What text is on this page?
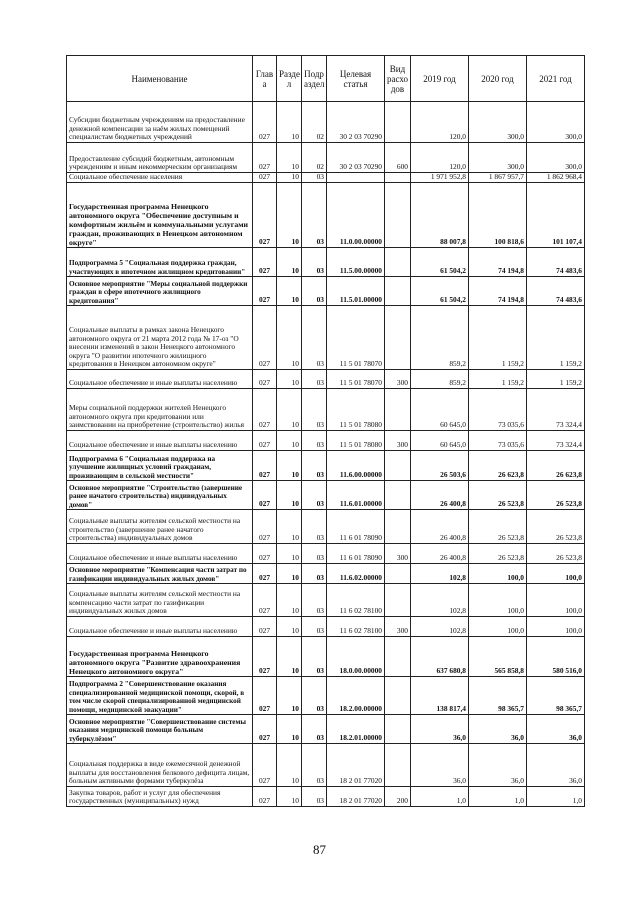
Наименование	Глав а	Разде л	Подр аздел	Целевая статья	Вид расхо дов	2019 год	2020 год	2021 год
Субсидии бюджетным учреждениям на предоставление денежной компенсации за наём жилых помещений специалистам бюджетных учреждений	027	10	02	30 2 03 70290		120,0	300,0	300,0
Предоставление субсидий бюджетным, автономным учреждениям и иным некоммерческим организациям	027	10	02	30 2 03 70290	600	120,0	300,0	300,0
Социальное обеспечение населения	027	10	03			1 971 952,8	1 867 957,7	1 862 968,4
Государственная программа Ненецкого автономного округа "Обеспечение доступным и комфортным жильём и коммунальными услугами граждан, проживающих в Ненецком автономном округе"	027	10	03	11.0.00.00000		88 007,8	100 818,6	101 107,4
Подпрограмма 5 "Социальная поддержка граждан, участвующих в ипотечном жилищном кредитовании"	027	10	03	11.5.00.00000		61 504,2	74 194,8	74 483,6
Основное мероприятие "Меры социальной поддержки граждан в сфере ипотечного жилищного кредитования"	027	10	03	11.5.01.00000		61 504,2	74 194,8	74 483,6
Социальные выплаты в рамках закона Ненецкого автономного округа от 21 марта 2012 года № 17-оз "О внесении изменений в закон Ненецкого автономного округа "О развитии ипотечного жилищного кредитования в Ненецком автономном округе"	027	10	03	11 5 01 78070		859,2	1 159,2	1 159,2
Социальное обеспечение и иные выплаты населению	027	10	03	11 5 01 78070	300	859,2	1 159,2	1 159,2
Меры социальной поддержки жителей Ненецкого автономного округа при кредитовании или заимствовании на приобретение (строительство) жилья	027	10	03	11 5 01 78080		60 645,0	73 035,6	73 324,4
Социальное обеспечение и иные выплаты населению	027	10	03	11 5 01 78080	300	60 645,0	73 035,6	73 324,4
Подпрограмма 6 "Социальная поддержка на улучшение жилищных условий гражданам, проживающим в сельской местности"	027	10	03	11.6.00.00000		26 503,6	26 623,8	26 623,8
Основное мероприятие "Строительство (завершение ранее начатого строительства) индивидуальных домов"	027	10	03	11.6.01.00000		26 400,8	26 523,8	26 523,8
Социальные выплаты жителям сельской местности на строительство (завершение ранее начатого строительства) индивидуальных домов	027	10	03	11 6 01 78090		26 400,8	26 523,8	26 523,8
Социальное обеспечение и иные выплаты населению	027	10	03	11 6 01 78090	300	26 400,8	26 523,8	26 523,8
Основное мероприятие "Компенсация части затрат по газификации индивидуальных жилых домов"	027	10	03	11.6.02.00000		102,8	100,0	100,0
Социальные выплаты жителям сельской местности на компенсацию части затрат по газификации индивидуальных жилых домов	027	10	03	11 6 02 78100		102,8	100,0	100,0
Социальное обеспечение и иные выплаты населению	027	10	03	11 6 02 78100	300	102,8	100,0	100,0
Государственная программа Ненецкого автономного округа "Развитие здравоохранения Ненецкого автономного округа"	027	10	03	18.0.00.00000		637 680,8	565 858,8	580 516,0
Подпрограмма 2 "Совершенствование оказания специализированной медицинской помощи, скорой, в том числе скорой специализированной медицинской помощи, медицинской эвакуации"	027	10	03	18.2.00.00000		138 817,4	98 365,7	98 365,7
Основное мероприятие "Совершенствование системы оказания медицинской помощи больным туберкулёзом"	027	10	03	18.2.01.00000		36,0	36,0	36,0
Социальная поддержка в виде ежемесячной денежной выплаты для восстановления белкового дефицита лицам, больным активными формами туберкулёза	027	10	03	18 2 01 77020		36,0	36,0	36,0
Закупка товаров, работ и услуг для обеспечения государственных (муниципальных) нужд	027	10	03	18 2 01 77020	200	1,0	1,0	1,0
87
